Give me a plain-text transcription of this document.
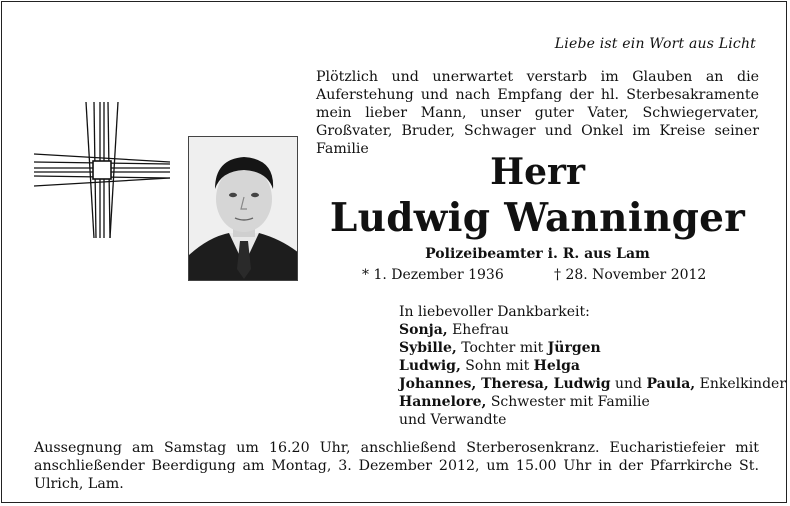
Liebe ist ein Wort aus Licht
Plötzlich und unerwartet verstarb im Glauben an die Auferstehung und nach Empfang der hl. Sterbesakramente mein lieber Mann, unser guter Vater, Schwiegervater, Großvater, Bruder, Schwager und Onkel im Kreise seiner Familie
Herr
Ludwig Wanninger
Polizeibeamter i. R. aus Lam
* 1. Dezember 1936	† 28. November 2012
In liebevoller Dankbarkeit:
Sonja, Ehefrau
Sybille, Tochter mit Jürgen
Ludwig, Sohn mit Helga
Johannes, Theresa, Ludwig und Paula, Enkelkinder
Hannelore, Schwester mit Familie
und Verwandte
Aussegnung am Samstag um 16.20 Uhr, anschließend Sterberosenkranz. Eucharistiefeier mit anschließender Beerdigung am Montag, 3. Dezember 2012, um 15.00 Uhr in der Pfarrkirche St. Ulrich, Lam.
